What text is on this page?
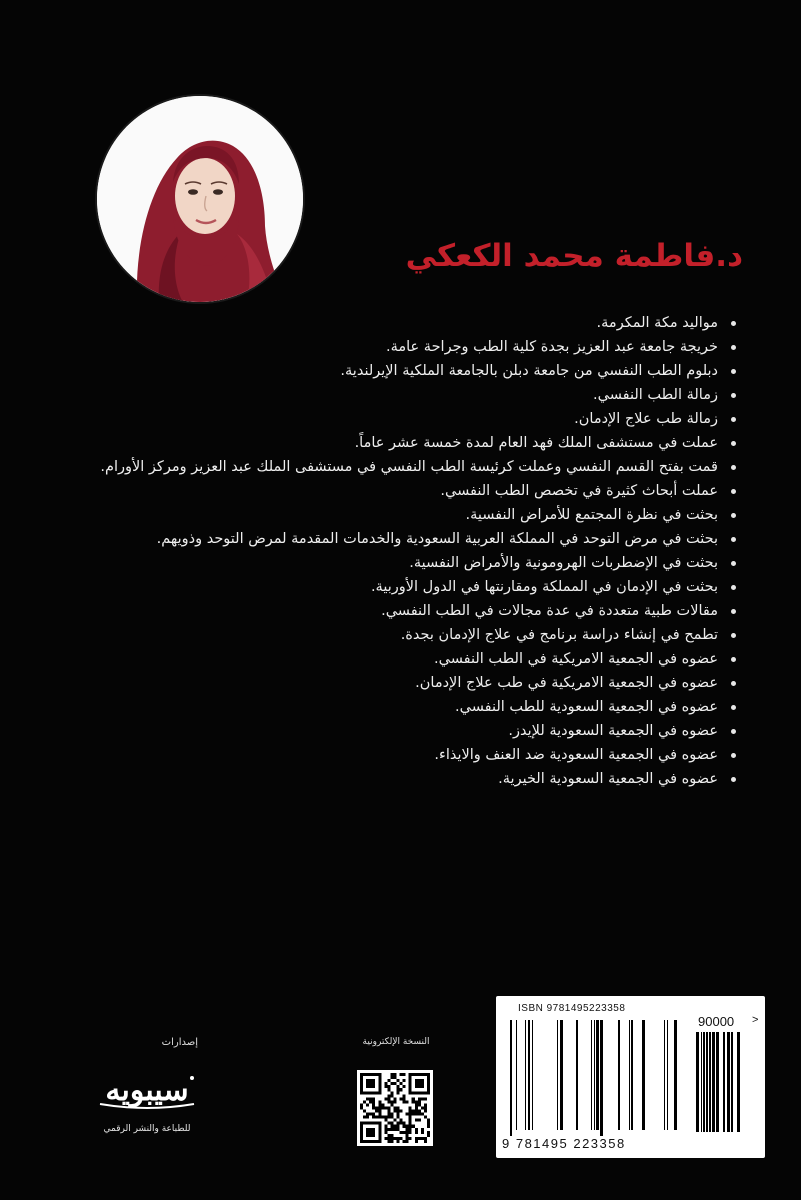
د.فاطمة محمد الكعكي
مواليد مكة المكرمة.
خريجة جامعة عبد العزيز بجدة كلية الطب وجراحة عامة.
دبلوم الطب النفسي من جامعة دبلن بالجامعة الملكية الإيرلندية.
زمالة الطب النفسي.
زمالة طب علاج الإدمان.
عملت في مستشفى الملك فهد العام لمدة خمسة عشر عاماً.
قمت بفتح القسم النفسي وعملت كرئيسة الطب النفسي في مستشفى الملك عبد العزيز ومركز الأورام.
عملت أبحاث كثيرة في تخصص الطب النفسي.
بحثت في نظرة المجتمع للأمراض النفسية.
بحثت في مرض التوحد في المملكة العربية السعودية والخدمات المقدمة لمرض التوحد وذويهم.
بحثت في الإضطربات الهرومونية والأمراض النفسية.
بحثت في الإدمان في المملكة ومقارنتها في الدول الأوربية.
مقالات طبية متعددة في عدة مجالات في الطب النفسي.
تطمح في إنشاء دراسة برنامج في علاج الإدمان بجدة.
عضوه في الجمعية الامريكية في الطب النفسي.
عضوه في الجمعية الامريكية في طب علاج الإدمان.
عضوه في الجمعية السعودية للطب النفسي.
عضوه في الجمعية السعودية للإيدز.
عضوه في الجمعية السعودية ضد العنف والايذاء.
عضوه في الجمعية السعودية الخيرية.
إصدارات
سيبويه
للطباعة والنشر الرقمي
النسخة الإلكترونية
ISBN 9781495223358
90000 >
9 781495 223358
